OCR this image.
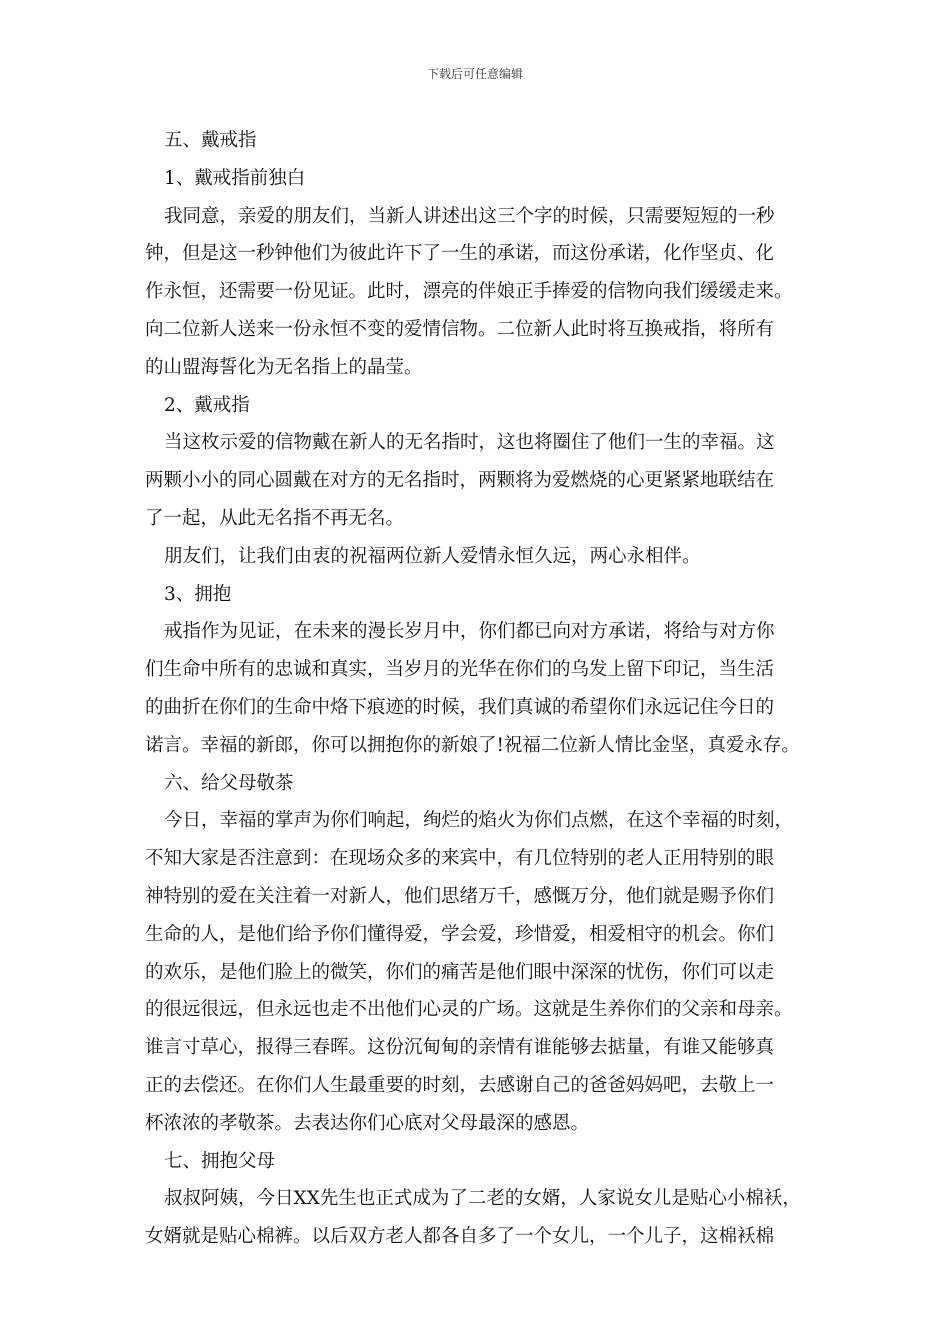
下载后可任意编辑
五、戴戒指
1、戴戒指前独白
我同意，亲爱的朋友们，当新人讲述出这三个字的时候，只需要短短的一秒
钟，但是这一秒钟他们为彼此许下了一生的承诺，而这份承诺，化作坚贞、化
作永恒，还需要一份见证。此时，漂亮的伴娘正手捧爱的信物向我们缓缓走来。
向二位新人送来一份永恒不变的爱情信物。二位新人此时将互换戒指，将所有
的山盟海誓化为无名指上的晶莹。
2、戴戒指
当这枚示爱的信物戴在新人的无名指时，这也将圈住了他们一生的幸福。这
两颗小小的同心圆戴在对方的无名指时，两颗将为爱燃烧的心更紧紧地联结在
了一起，从此无名指不再无名。
朋友们，让我们由衷的祝福两位新人爱情永恒久远，两心永相伴。
3、拥抱
戒指作为见证，在未来的漫长岁月中，你们都已向对方承诺，将给与对方你
们生命中所有的忠诚和真实，当岁月的光华在你们的乌发上留下印记，当生活
的曲折在你们的生命中烙下痕迹的时候，我们真诚的希望你们永远记住今日的
诺言。幸福的新郎，你可以拥抱你的新娘了!祝福二位新人情比金坚，真爱永存。
六、给父母敬茶
今日，幸福的掌声为你们响起，绚烂的焰火为你们点燃，在这个幸福的时刻，
不知大家是否注意到：在现场众多的来宾中，有几位特别的老人正用特别的眼
神特别的爱在关注着一对新人，他们思绪万千，感慨万分，他们就是赐予你们
生命的人，是他们给予你们懂得爱，学会爱，珍惜爱，相爱相守的机会。你们
的欢乐，是他们脸上的微笑，你们的痛苦是他们眼中深深的忧伤，你们可以走
的很远很远，但永远也走不出他们心灵的广场。这就是生养你们的父亲和母亲。
谁言寸草心，报得三春晖。这份沉甸甸的亲情有谁能够去掂量，有谁又能够真
正的去偿还。在你们人生最重要的时刻，去感谢自己的爸爸妈妈吧，去敬上一
杯浓浓的孝敬茶。去表达你们心底对父母最深的感恩。
七、拥抱父母
叔叔阿姨，今日XX先生也正式成为了二老的女婿，人家说女儿是贴心小棉袄，
女婿就是贴心棉裤。以后双方老人都各自多了一个女儿，一个儿子，这棉袄棉
